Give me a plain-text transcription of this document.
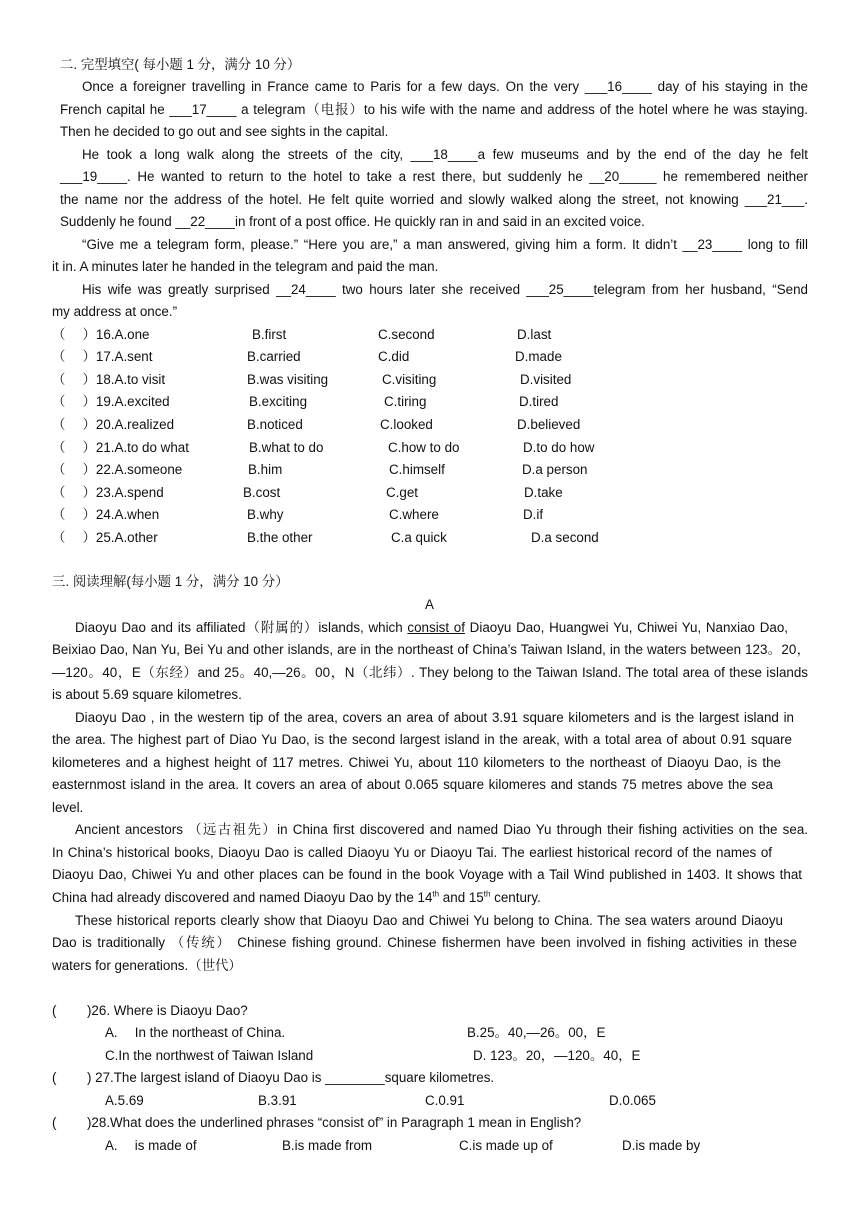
二. 完型填空( 每小题 1 分，满分 10 分）
Once a foreigner travelling in France came to Paris for a few days. On the very ___16____ day of his staying in the
French capital he ___17____ a telegram（电报）to his wife with the name and address of the hotel where he was staying.
Then he decided to go out and see sights in the capital.
He took a long walk along the streets of the city, ___18____a few museums and by the end of the day he felt
___19____. He wanted to return to the hotel to take a rest there, but suddenly he __20_____ he remembered neither
the name nor the address of the hotel. He felt quite worried and slowly walked along the street, not knowing ___21___.
Suddenly he found __22____in front of a post office. He quickly ran in and said in an excited voice.
“Give me a telegram form, please.” “Here you are,” a man answered, giving him a form. It didn’t __23____ long to fill
it in. A minutes later he handed in the telegram and paid the man.
His wife was greatly surprised __24____ two hours later she received ___25____telegram from her husband, “Send
my address at once.”
（　 ）16.A.one	B.first	C.second	D.last
（　 ）17.A.sent	B.carried	C.did	D.made
（　 ）18.A.to visit	B.was visiting	C.visiting	D.visited
（　 ）19.A.excited	B.exciting	C.tiring	D.tired
（　 ）20.A.realized	B.noticed	C.looked	D.believed
（　 ）21.A.to do what	B.what to do	C.how to do	D.to do how
（　 ）22.A.someone	B.him	C.himself	D.a person
（　 ）23.A.spend	B.cost	C.get	D.take
（　 ）24.A.when	B.why	C.where	D.if
（　 ）25.A.other	B.the other	C.a quick	D.a second
三. 阅读理解(每小题 1 分，满分 10 分）
A
Diaoyu Dao and its affiliated（附属的）islands, which consist of Diaoyu Dao, Huangwei Yu, Chiwei Yu, Nanxiao Dao,
Beixiao Dao, Nan Yu, Bei Yu and other islands, are in the northeast of China’s Taiwan Island, in the waters between 123。20，
—120。40，E（东经）and 25。40,—26。00，N（北纬）. They belong to the Taiwan Island. The total area of these islands
is about 5.69 square kilometres.
Diaoyu Dao , in the western tip of the area, covers an area of about 3.91 square kilometers and is the largest island in
the area. The highest part of Diao Yu Dao, is the second largest island in the areak, with a total area of about 0.91 square
kilometeres and a highest height of 117 metres. Chiwei Yu, about 110 kilometers to the northeast of Diaoyu Dao, is the
easternmost island in the area. It covers an area of about 0.065 square kilomeres and stands 75 metres above the sea
level.
Ancient ancestors （远古祖先）in China first discovered and named Diao Yu through their fishing activities on the sea.
In China’s historical books, Diaoyu Dao is called Diaoyu Yu or Diaoyu Tai. The earliest historical record of the names of
Diaoyu Dao, Chiwei Yu and other places can be found in the book Voyage with a Tail Wind published in 1403. It shows that
China had already discovered and named Diaoyu Dao by the 14th and 15th century.
These historical reports clearly show that Diaoyu Dao and Chiwei Yu belong to China. The sea waters around Diaoyu
Dao is traditionally （传统） Chinese fishing ground. Chinese fishermen have been involved in fishing activities in these
waters for generations.（世代）
(　　 )26. Where is Diaoyu Dao?
A.　 In the northeast of China.	B.25。40,—26。00，E
C.In the northwest of Taiwan Island	D. 123。20，—120。40，E
(　　 ) 27.The largest island of Diaoyu Dao is ________square kilometres.
A.5.69	B.3.91	C.0.91	D.0.065
(　　 )28.What does the underlined phrases “consist of” in Paragraph 1 mean in English?
A.　 is made of	B.is made from	C.is made up of	D.is made by
